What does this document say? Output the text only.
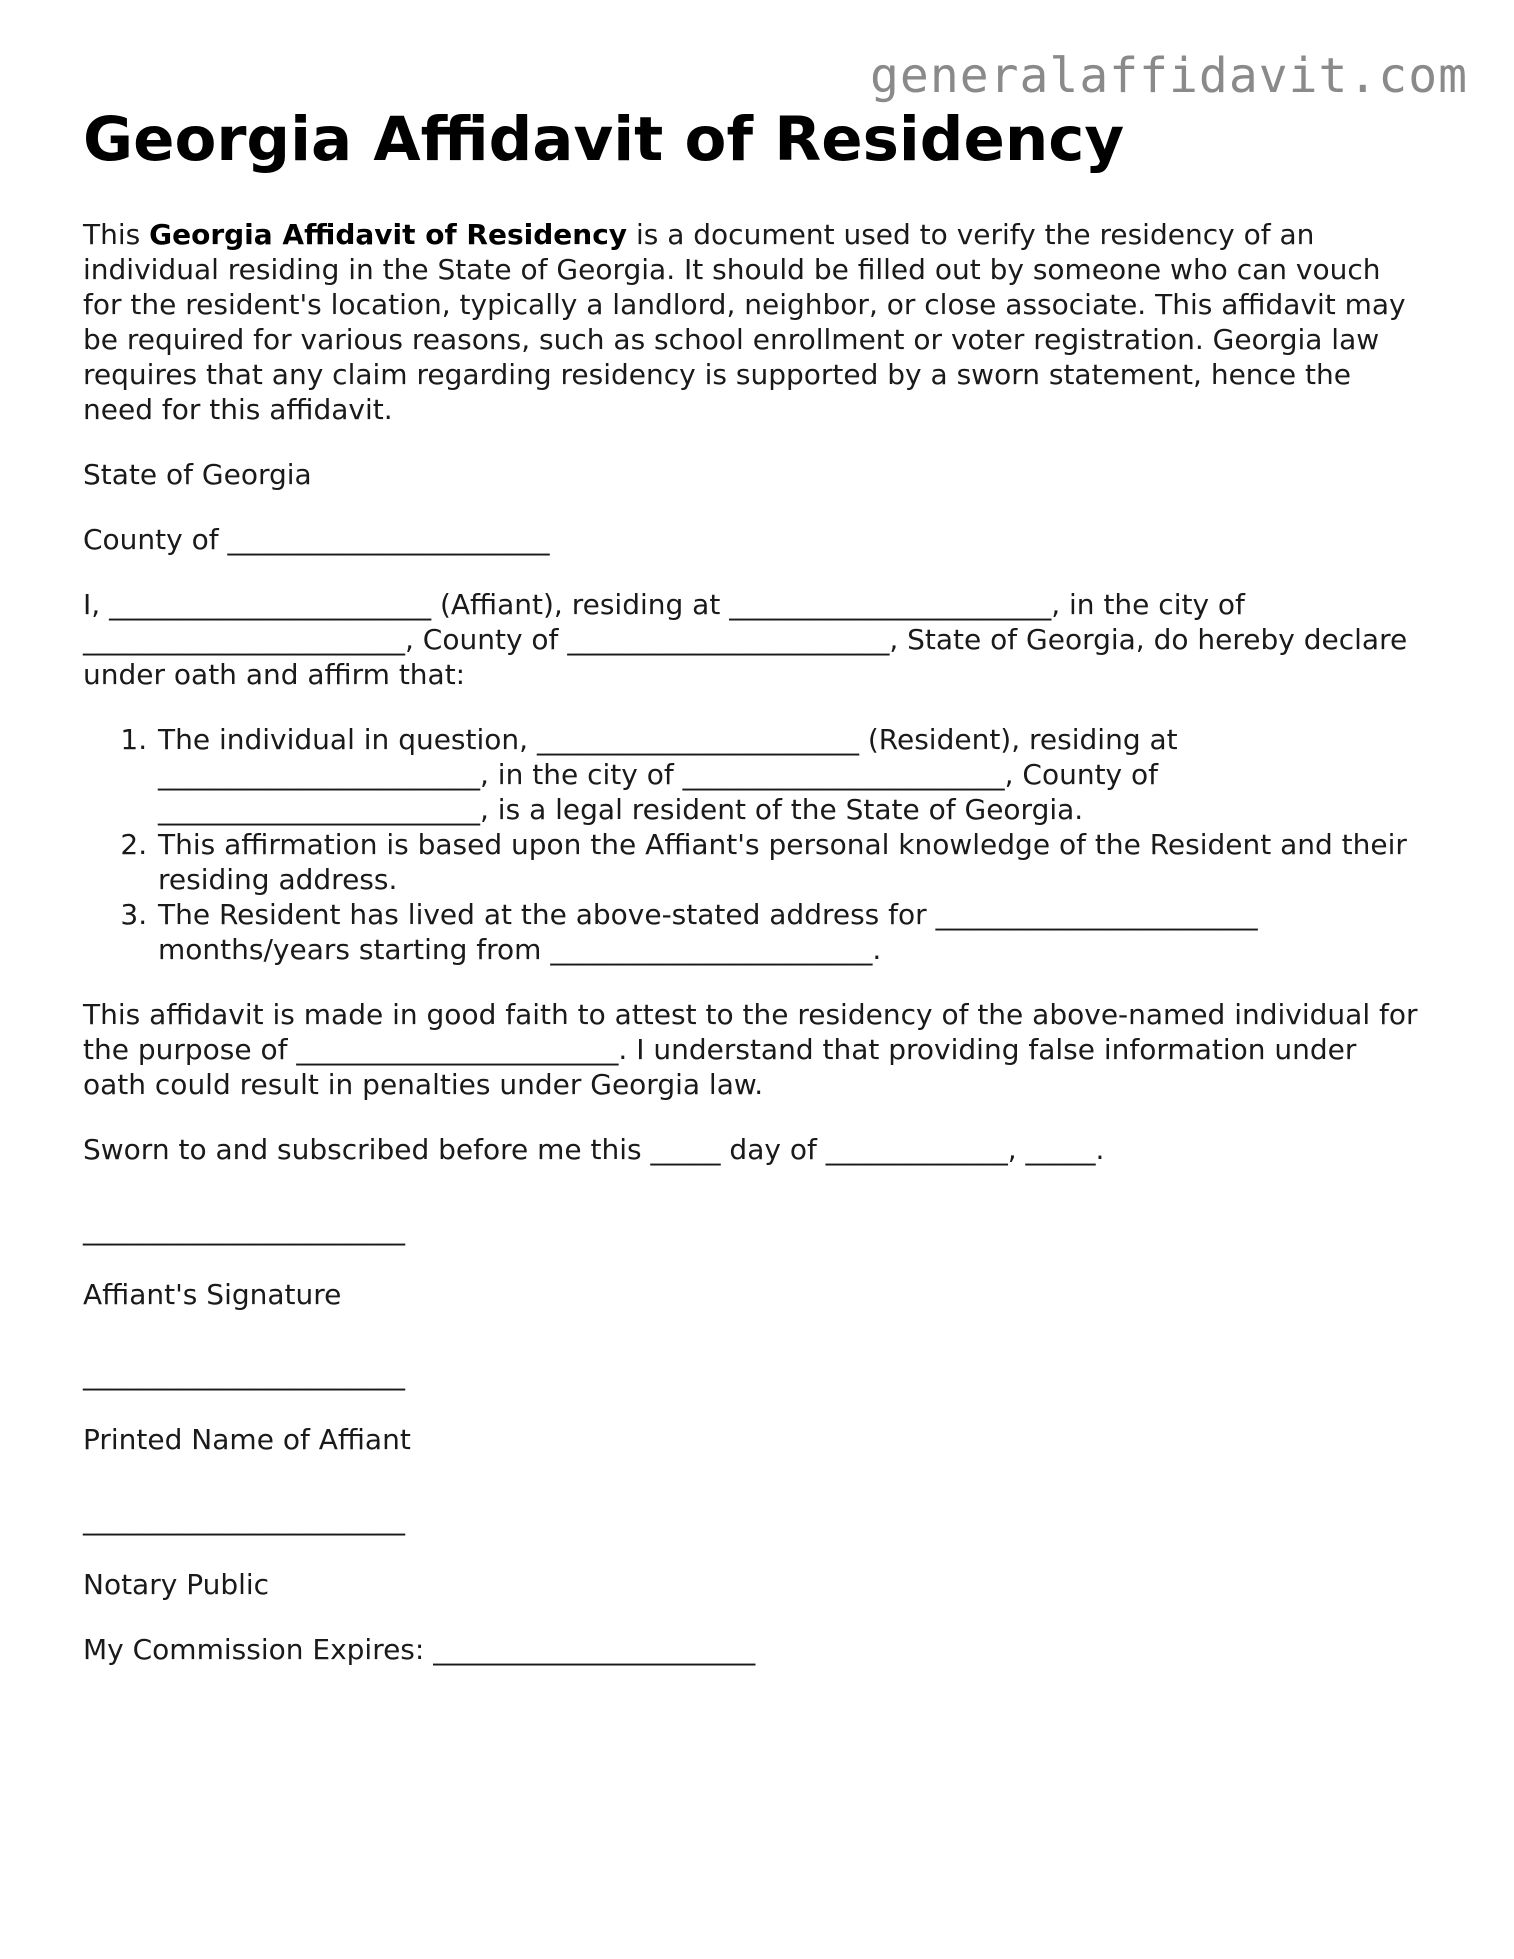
generalaffidavit.com
Georgia Affidavit of Residency

This Georgia Affidavit of Residency is a document used to verify the residency of an individual residing in the State of Georgia. It should be filled out by someone who can vouch for the resident's location, typically a landlord, neighbor, or close associate. This affidavit may be required for various reasons, such as school enrollment or voter registration. Georgia law requires that any claim regarding residency is supported by a sworn statement, hence the need for this affidavit.

State of Georgia

County of _______________________

I, _______________________ (Affiant), residing at _______________________, in the city of _______________________, County of _______________________, State of Georgia, do hereby declare under oath and affirm that:

1. The individual in question, _______________________ (Resident), residing at _______________________, in the city of _______________________, County of _______________________, is a legal resident of the State of Georgia.
2. This affirmation is based upon the Affiant's personal knowledge of the Resident and their residing address.
3. The Resident has lived at the above-stated address for _______________________ months/years starting from _______________________.

This affidavit is made in good faith to attest to the residency of the above-named individual for the purpose of _______________________. I understand that providing false information under oath could result in penalties under Georgia law.

Sworn to and subscribed before me this _____ day of _____________, _____.

_______________________

Affiant's Signature

_______________________

Printed Name of Affiant

_______________________

Notary Public

My Commission Expires: _______________________
